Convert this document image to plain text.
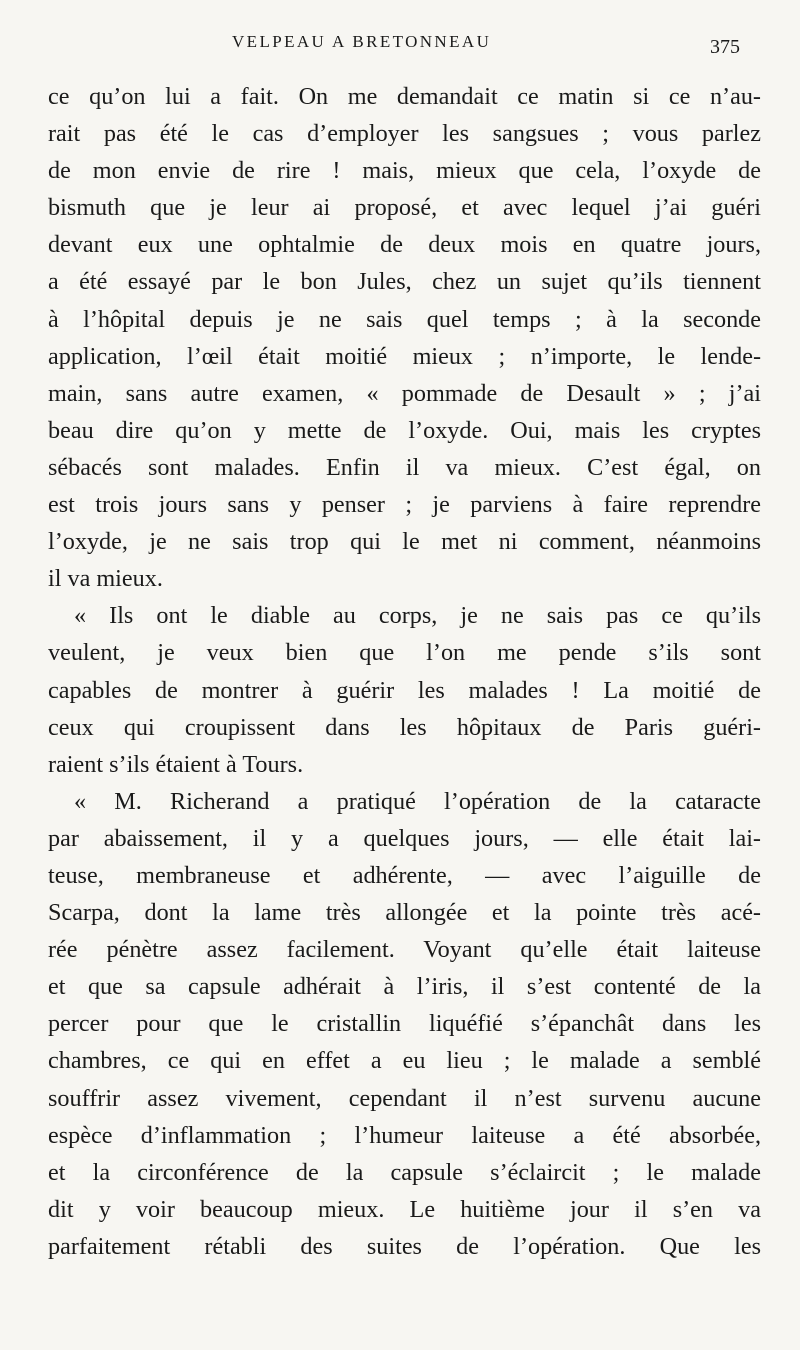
VELPEAU A BRETONNEAU	375
ce qu’on lui a fait. On me demandait ce matin si ce n’au-
rait pas été le cas d’employer les sangsues ; vous parlez
de mon envie de rire ! mais, mieux que cela, l’oxyde de
bismuth que je leur ai proposé, et avec lequel j’ai guéri
devant eux une ophtalmie de deux mois en quatre jours,
a été essayé par le bon Jules, chez un sujet qu’ils tiennent
à l’hôpital depuis je ne sais quel temps ; à la seconde
application, l’œil était moitié mieux ; n’importe, le lende-
main, sans autre examen, « pommade de Desault » ; j’ai
beau dire qu’on y mette de l’oxyde. Oui, mais les cryptes
sébacés sont malades. Enfin il va mieux. C’est égal, on
est trois jours sans y penser ; je parviens à faire reprendre
l’oxyde, je ne sais trop qui le met ni comment, néanmoins
il va mieux.
« Ils ont le diable au corps, je ne sais pas ce qu’ils
veulent, je veux bien que l’on me pende s’ils sont
capables de montrer à guérir les malades ! La moitié de
ceux qui croupissent dans les hôpitaux de Paris guéri-
raient s’ils étaient à Tours.
« M. Richerand a pratiqué l’opération de la cataracte
par abaissement, il y a quelques jours, — elle était lai-
teuse, membraneuse et adhérente, — avec l’aiguille de
Scarpa, dont la lame très allongée et la pointe très acé-
rée pénètre assez facilement. Voyant qu’elle était laiteuse
et que sa capsule adhérait à l’iris, il s’est contenté de la
percer pour que le cristallin liquéfié s’épanchât dans les
chambres, ce qui en effet a eu lieu ; le malade a semblé
souffrir assez vivement, cependant il n’est survenu aucune
espèce d’inflammation ; l’humeur laiteuse a été absorbée,
et la circonférence de la capsule s’éclaircit ; le malade
dit y voir beaucoup mieux. Le huitième jour il s’en va
parfaitement rétabli des suites de l’opération. Que les
